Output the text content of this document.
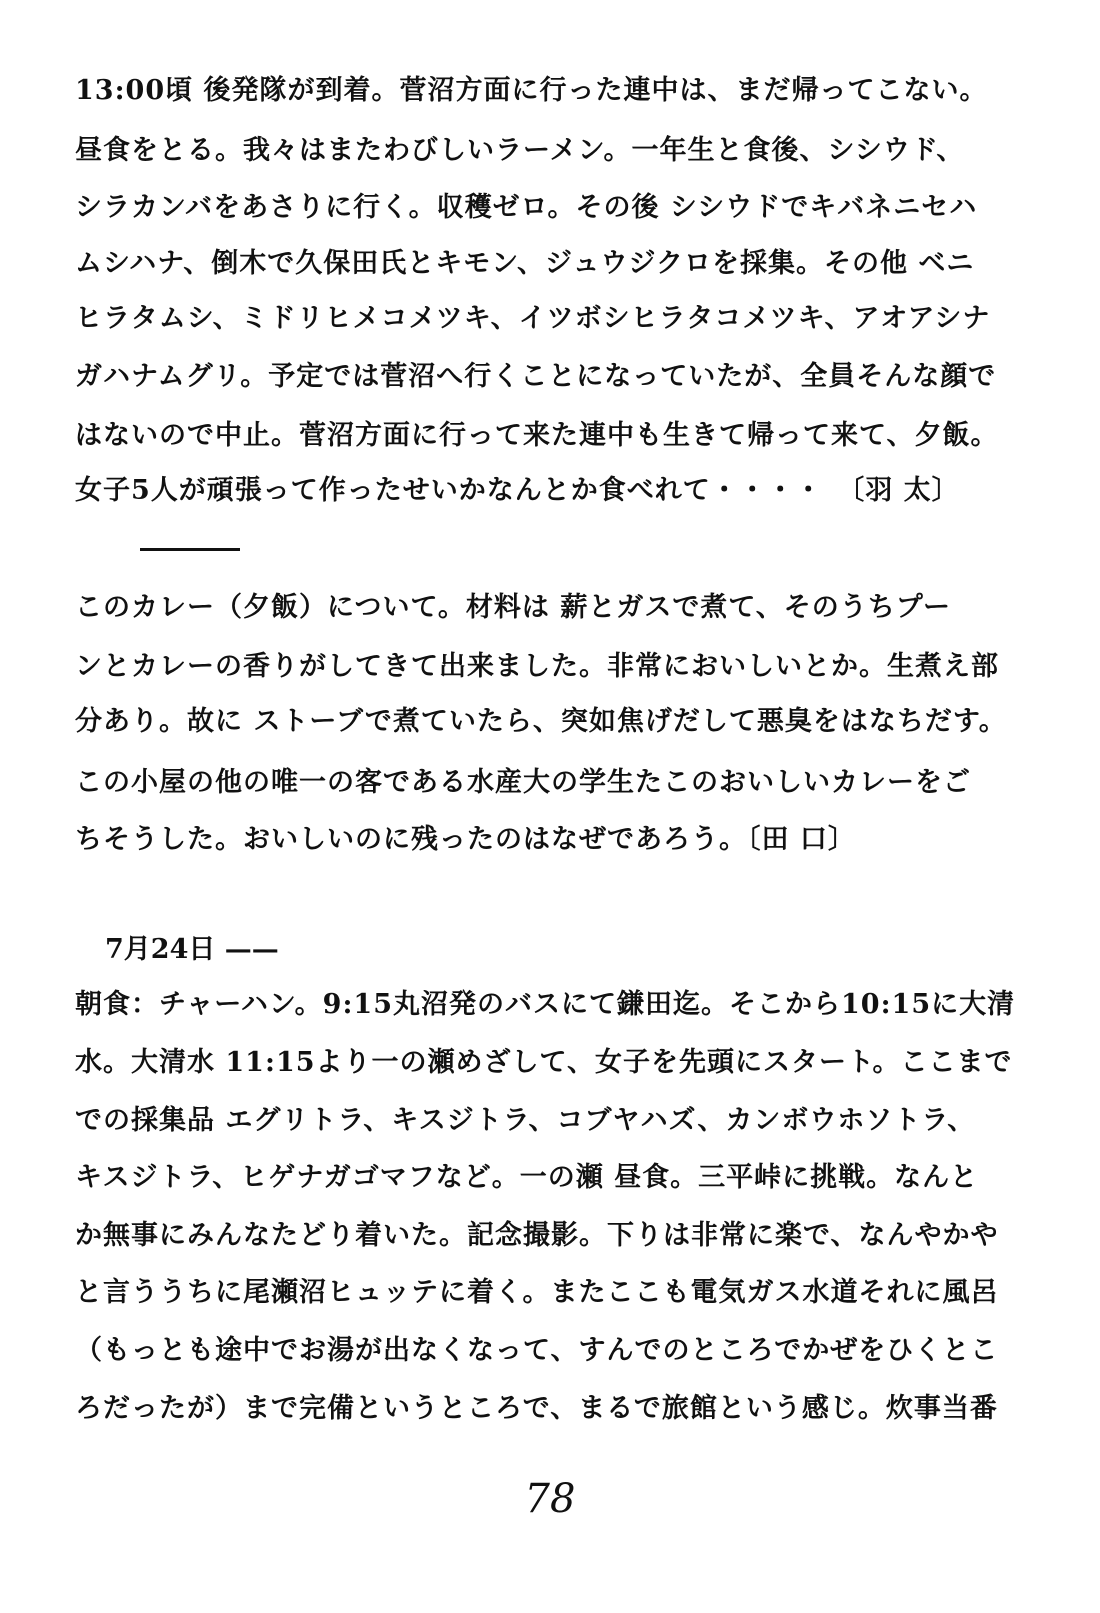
13:00頃 後発隊が到着。菅沼方面に行った連中は、まだ帰ってこない。
昼食をとる。我々はまたわびしいラーメン。一年生と食後、シシウド、
シラカンバをあさりに行く。収穫ゼロ。その後 シシウドでキバネニセハ
ムシハナ、倒木で久保田氏とキモン、ジュウジクロを採集。その他 ベニ
ヒラタムシ、ミドリヒメコメツキ、イツボシヒラタコメツキ、アオアシナ
ガハナムグリ。予定では菅沼へ行くことになっていたが、全員そんな顔で
はないので中止。菅沼方面に行って来た連中も生きて帰って来て、夕飯。
女子5人が頑張って作ったせいかなんとか食べれて・・・・　〔羽 太〕
このカレー（夕飯）について。材料は 薪とガスで煮て、そのうちプー
ンとカレーの香りがしてきて出来ました。非常においしいとか。生煮え部
分あり。故に ストーブで煮ていたら、突如焦げだして悪臭をはなちだす。
この小屋の他の唯一の客である水産大の学生たこのおいしいカレーをご
ちそうした。おいしいのに残ったのはなぜであろう。〔田 口〕
7月24日 ——
朝食：チャーハン。9:15丸沼発のバスにて鎌田迄。そこから10:15に大清
水。大清水 11:15より一の瀬めざして、女子を先頭にスタート。ここまで
での採集品 エグリトラ、キスジトラ、コブヤハズ、カンボウホソトラ、
キスジトラ、ヒゲナガゴマフなど。一の瀬 昼食。三平峠に挑戦。なんと
か無事にみんなたどり着いた。記念撮影。下りは非常に楽で、なんやかや
と言ううちに尾瀬沼ヒュッテに着く。またここも電気ガス水道それに風呂
（もっとも途中でお湯が出なくなって、すんでのところでかぜをひくとこ
ろだったが）まで完備というところで、まるで旅館という感じ。炊事当番
78
